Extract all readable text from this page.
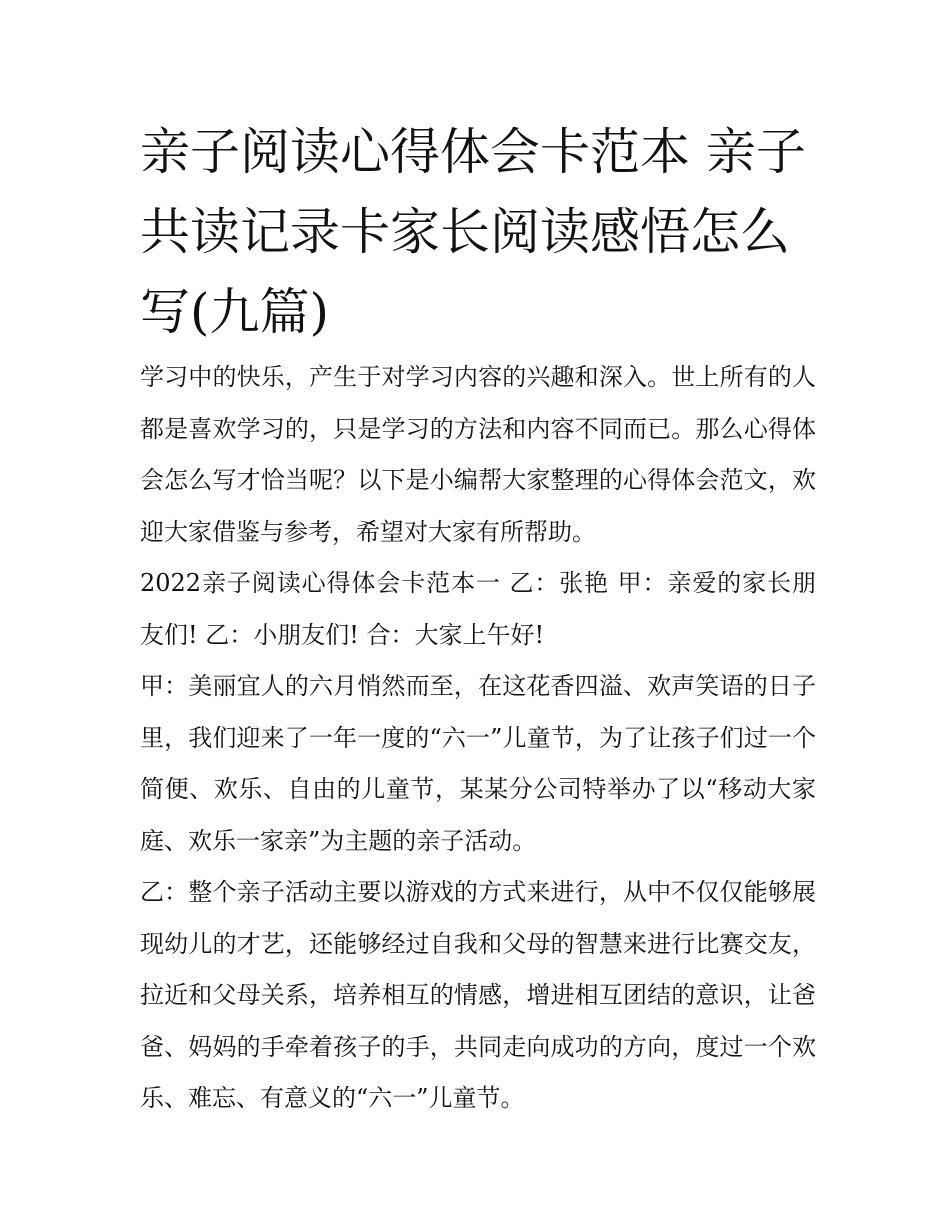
亲子阅读心得体会卡范本 亲子共读记录卡家长阅读感悟怎么写(九篇)

学习中的快乐，产生于对学习内容的兴趣和深入。世上所有的人都是喜欢学习的，只是学习的方法和内容不同而已。那么心得体会怎么写才恰当呢？以下是小编帮大家整理的心得体会范文，欢迎大家借鉴与参考，希望对大家有所帮助。

2022亲子阅读心得体会卡范本一 乙：张艳 甲：亲爱的家长朋友们! 乙：小朋友们! 合：大家上午好!

甲：美丽宜人的六月悄然而至，在这花香四溢、欢声笑语的日子里，我们迎来了一年一度的“六一”儿童节，为了让孩子们过一个简便、欢乐、自由的儿童节，某某分公司特举办了以“移动大家庭、欢乐一家亲”为主题的亲子活动。

乙：整个亲子活动主要以游戏的方式来进行，从中不仅仅能够展现幼儿的才艺，还能够经过自我和父母的智慧来进行比赛交友，拉近和父母关系，培养相互的情感，增进相互团结的意识，让爸爸、妈妈的手牵着孩子的手，共同走向成功的方向，度过一个欢乐、难忘、有意义的“六一”儿童节。
